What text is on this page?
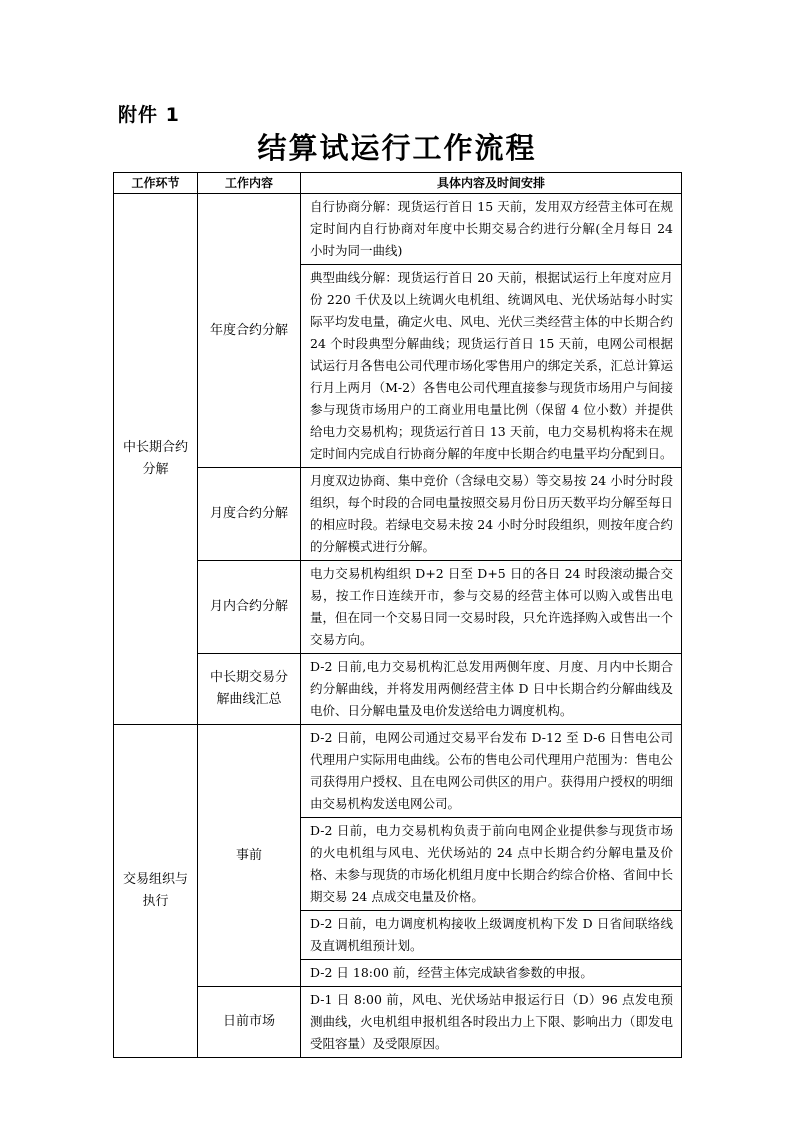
附件 1
结算试运行工作流程
工作环节	工作内容	具体内容及时间安排

中长期合约分解	年度合约分解	自行协商分解：现货运行首日 15 天前，发用双方经营主体可在规定时间内自行协商对年度中长期交易合约进行分解(全月每日 24 小时为同一曲线)
		典型曲线分解：现货运行首日 20 天前，根据试运行上年度对应月份 220 千伏及以上统调火电机组、统调风电、光伏场站每小时实际平均发电量，确定火电、风电、光伏三类经营主体的中长期合约 24 个时段典型分解曲线；现货运行首日 15 天前，电网公司根据试运行月各售电公司代理市场化零售用户的绑定关系，汇总计算运行月上两月（M-2）各售电公司代理直接参与现货市场用户与间接参与现货市场用户的工商业用电量比例（保留 4 位小数）并提供给电力交易机构；现货运行首日 13 天前，电力交易机构将未在规定时间内完成自行协商分解的年度中长期合约电量平均分配到日。

	月度合约分解	月度双边协商、集中竞价（含绿电交易）等交易按 24 小时分时段组织，每个时段的合同电量按照交易月份日历天数平均分解至每日的相应时段。若绿电交易未按 24 小时分时段组织，则按年度合约的分解模式进行分解。

	月内合约分解	电力交易机构组织 D+2 日至 D+5 日的各日 24 时段滚动撮合交易，按工作日连续开市，参与交易的经营主体可以购入或售出电量，但在同一个交易日同一交易时段，只允许选择购入或售出一个交易方向。

	中长期交易分解曲线汇总	D-2 日前,电力交易机构汇总发用两侧年度、月度、月内中长期合约分解曲线，并将发用两侧经营主体 D 日中长期合约分解曲线及电价、日分解电量及电价发送给电力调度机构。

交易组织与执行	事前	D-2 日前，电网公司通过交易平台发布 D-12 至 D-6 日售电公司代理用户实际用电曲线。公布的售电公司代理用户范围为：售电公司获得用户授权、且在电网公司供区的用户。获得用户授权的明细由交易机构发送电网公司。
		D-2 日前，电力交易机构负责于前向电网企业提供参与现货市场的火电机组与风电、光伏场站的 24 点中长期合约分解电量及价格、未参与现货的市场化机组月度中长期合约综合价格、省间中长期交易 24 点成交电量及价格。
		D-2 日前，电力调度机构接收上级调度机构下发 D 日省间联络线及直调机组预计划。
		D-2 日 18:00 前，经营主体完成缺省参数的申报。

	日前市场	D-1 日 8:00 前，风电、光伏场站申报运行日（D）96 点发电预测曲线，火电机组申报机组各时段出力上下限、影响出力（即发电受阻容量）及受限原因。
